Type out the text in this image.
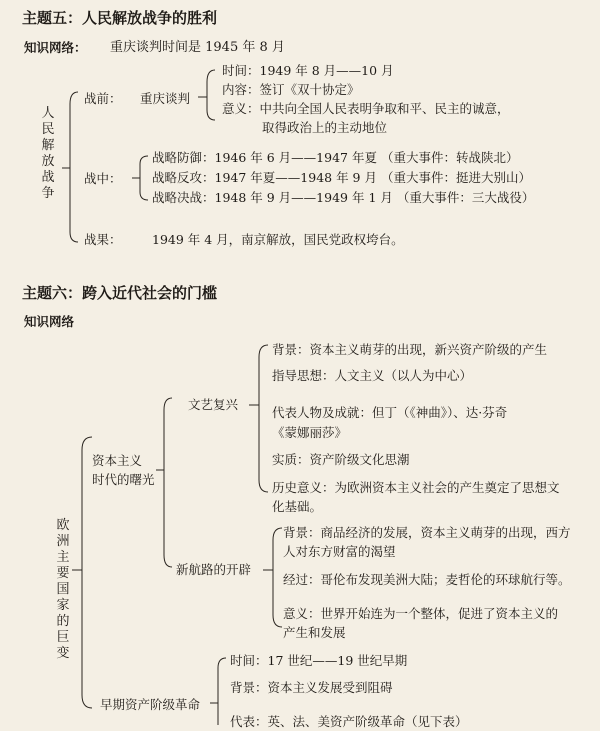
主题五：人民解放战争的胜利
知识网络： 重庆谈判时间是 1945 年 8 月
人民解放战争
战前： 重庆谈判
时间：1949 年 8 月——10 月
内容：签订《双十协定》
意义：中共向全国人民表明争取和平、民主的诚意，
取得政治上的主动地位
战中：
战略防御：1946 年 6 月——1947 年夏 （重大事件：转战陕北）
战略反攻：1947 年夏——1948 年 9 月 （重大事件：挺进大别山）
战略决战：1948 年 9 月——1949 年 1 月 （重大事件：三大战役）
战果： 1949 年 4 月，南京解放，国民党政权垮台。
主题六：跨入近代社会的门槛
知识网络
欧洲主要国家的巨变
资本主义
时代的曙光
文艺复兴
背景：资本主义萌芽的出现，新兴资产阶级的产生
指导思想：人文主义（以人为中心）
代表人物及成就：但丁（《神曲》）、达·芬奇
《蒙娜丽莎》
实质：资产阶级文化思潮
历史意义：为欧洲资本主义社会的产生奠定了思想文
化基础。
新航路的开辟
背景：商品经济的发展，资本主义萌芽的出现，西方
人对东方财富的渴望
经过：哥伦布发现美洲大陆；麦哲伦的环球航行等。
意义：世界开始连为一个整体，促进了资本主义的
产生和发展
早期资产阶级革命
时间：17 世纪——19 世纪早期
背景：资本主义发展受到阻碍
代表：英、法、美资产阶级革命（见下表）
